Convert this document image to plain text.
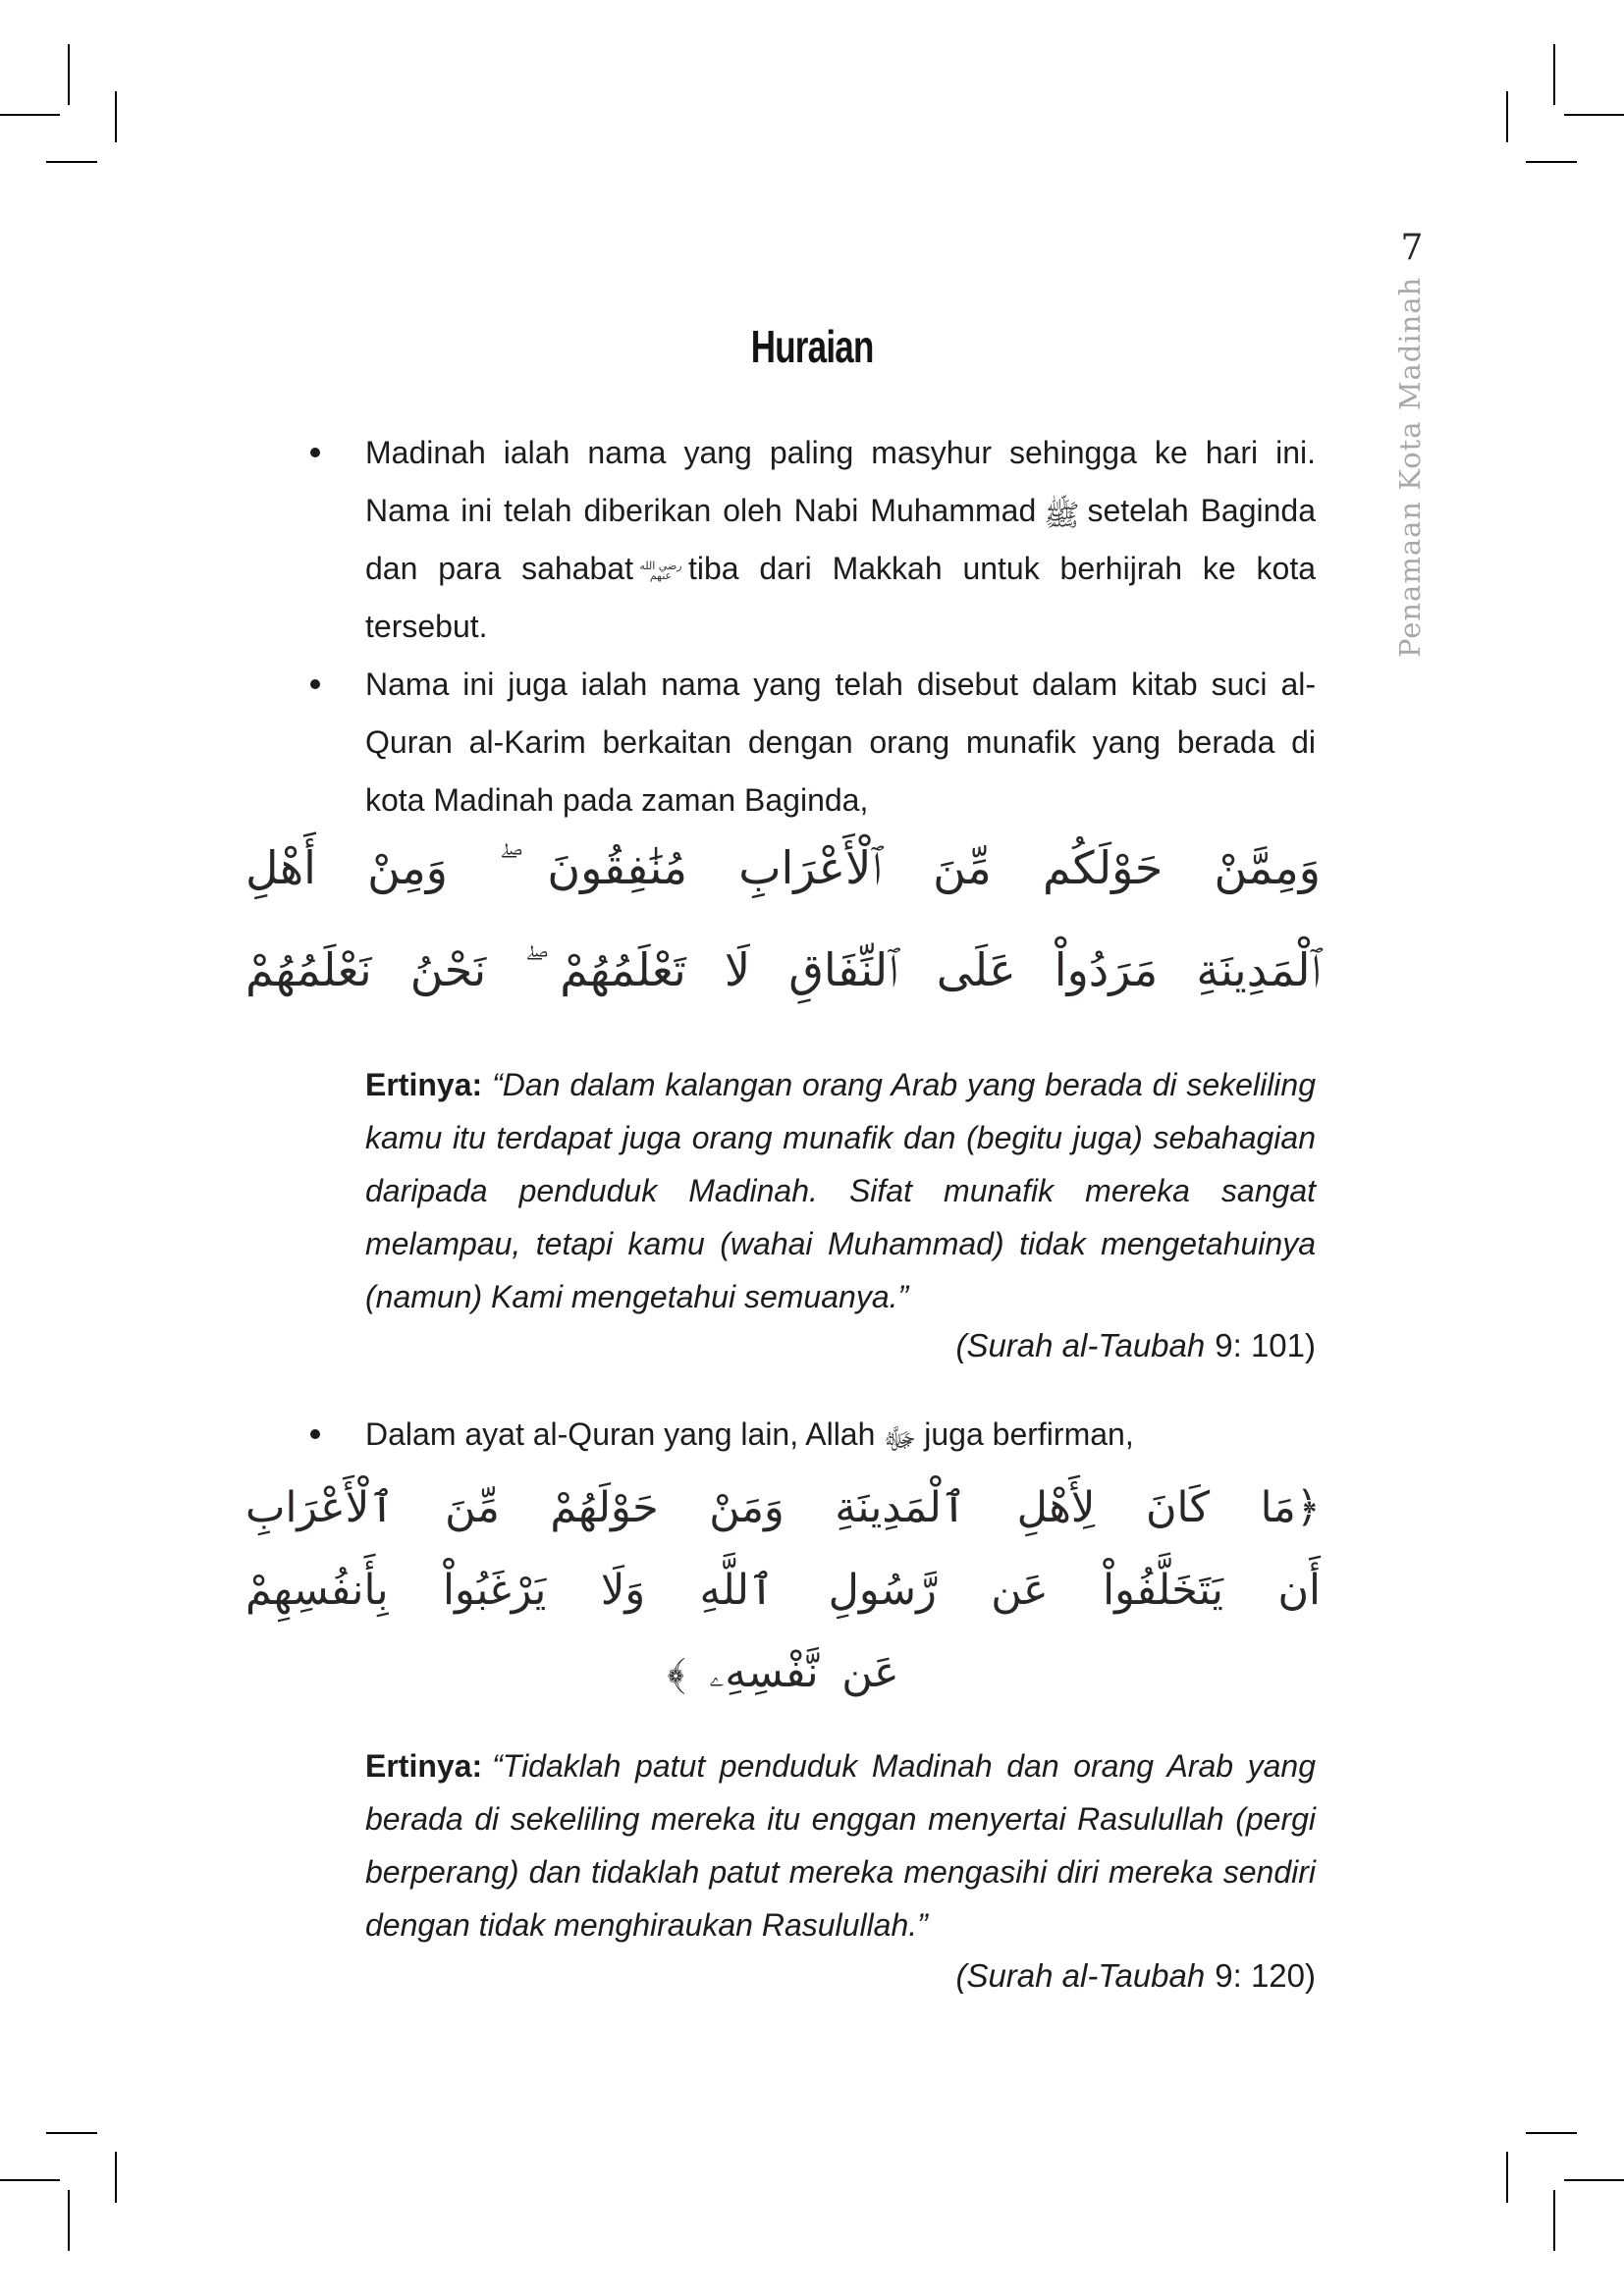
7
Penamaan Kota Madinah
Huraian
Madinah ialah nama yang paling masyhur sehingga ke hari ini. Nama ini telah diberikan oleh Nabi Muhammad ﷺ setelah Baginda dan para sahabat رضي الله عنهم tiba dari Makkah untuk berhijrah ke kota tersebut.
Nama ini juga ialah nama yang telah disebut dalam kitab suci al-Quran al-Karim berkaitan dengan orang munafik yang berada di kota Madinah pada zaman Baginda,
وَمِمَّنْ حَوْلَكُم مِّنَ ٱلْأَعْرَابِ مُنَٰفِقُونَ ۖ وَمِنْ أَهْلِ
ٱلْمَدِينَةِ مَرَدُواْ عَلَى ٱلنِّفَاقِ لَا تَعْلَمُهُمْ ۖ نَحْنُ نَعْلَمُهُمْ
Ertinya: “Dan dalam kalangan orang Arab yang berada di sekeliling kamu itu terdapat juga orang munafik dan (begitu juga) sebahagian daripada penduduk Madinah. Sifat munafik mereka sangat melampau, tetapi kamu (wahai Muhammad) tidak mengetahuinya (namun) Kami mengetahui semuanya.”
(Surah al-Taubah 9: 101)
Dalam ayat al-Quran yang lain, Allah ﷻ juga berfirman,
﴿مَا كَانَ لِأَهْلِ ٱلْمَدِينَةِ وَمَنْ حَوْلَهُمْ مِّنَ ٱلْأَعْرَابِ
أَن يَتَخَلَّفُواْ عَن رَّسُولِ ٱللَّهِ وَلَا يَرْغَبُواْ بِأَنفُسِهِمْ
عَن نَّفْسِهِۦ ﴾
Ertinya: “Tidaklah patut penduduk Madinah dan orang Arab yang berada di sekeliling mereka itu enggan menyertai Rasulullah (pergi berperang) dan tidaklah patut mereka mengasihi diri mereka sendiri dengan tidak menghiraukan Rasulullah.”
(Surah al-Taubah 9: 120)
